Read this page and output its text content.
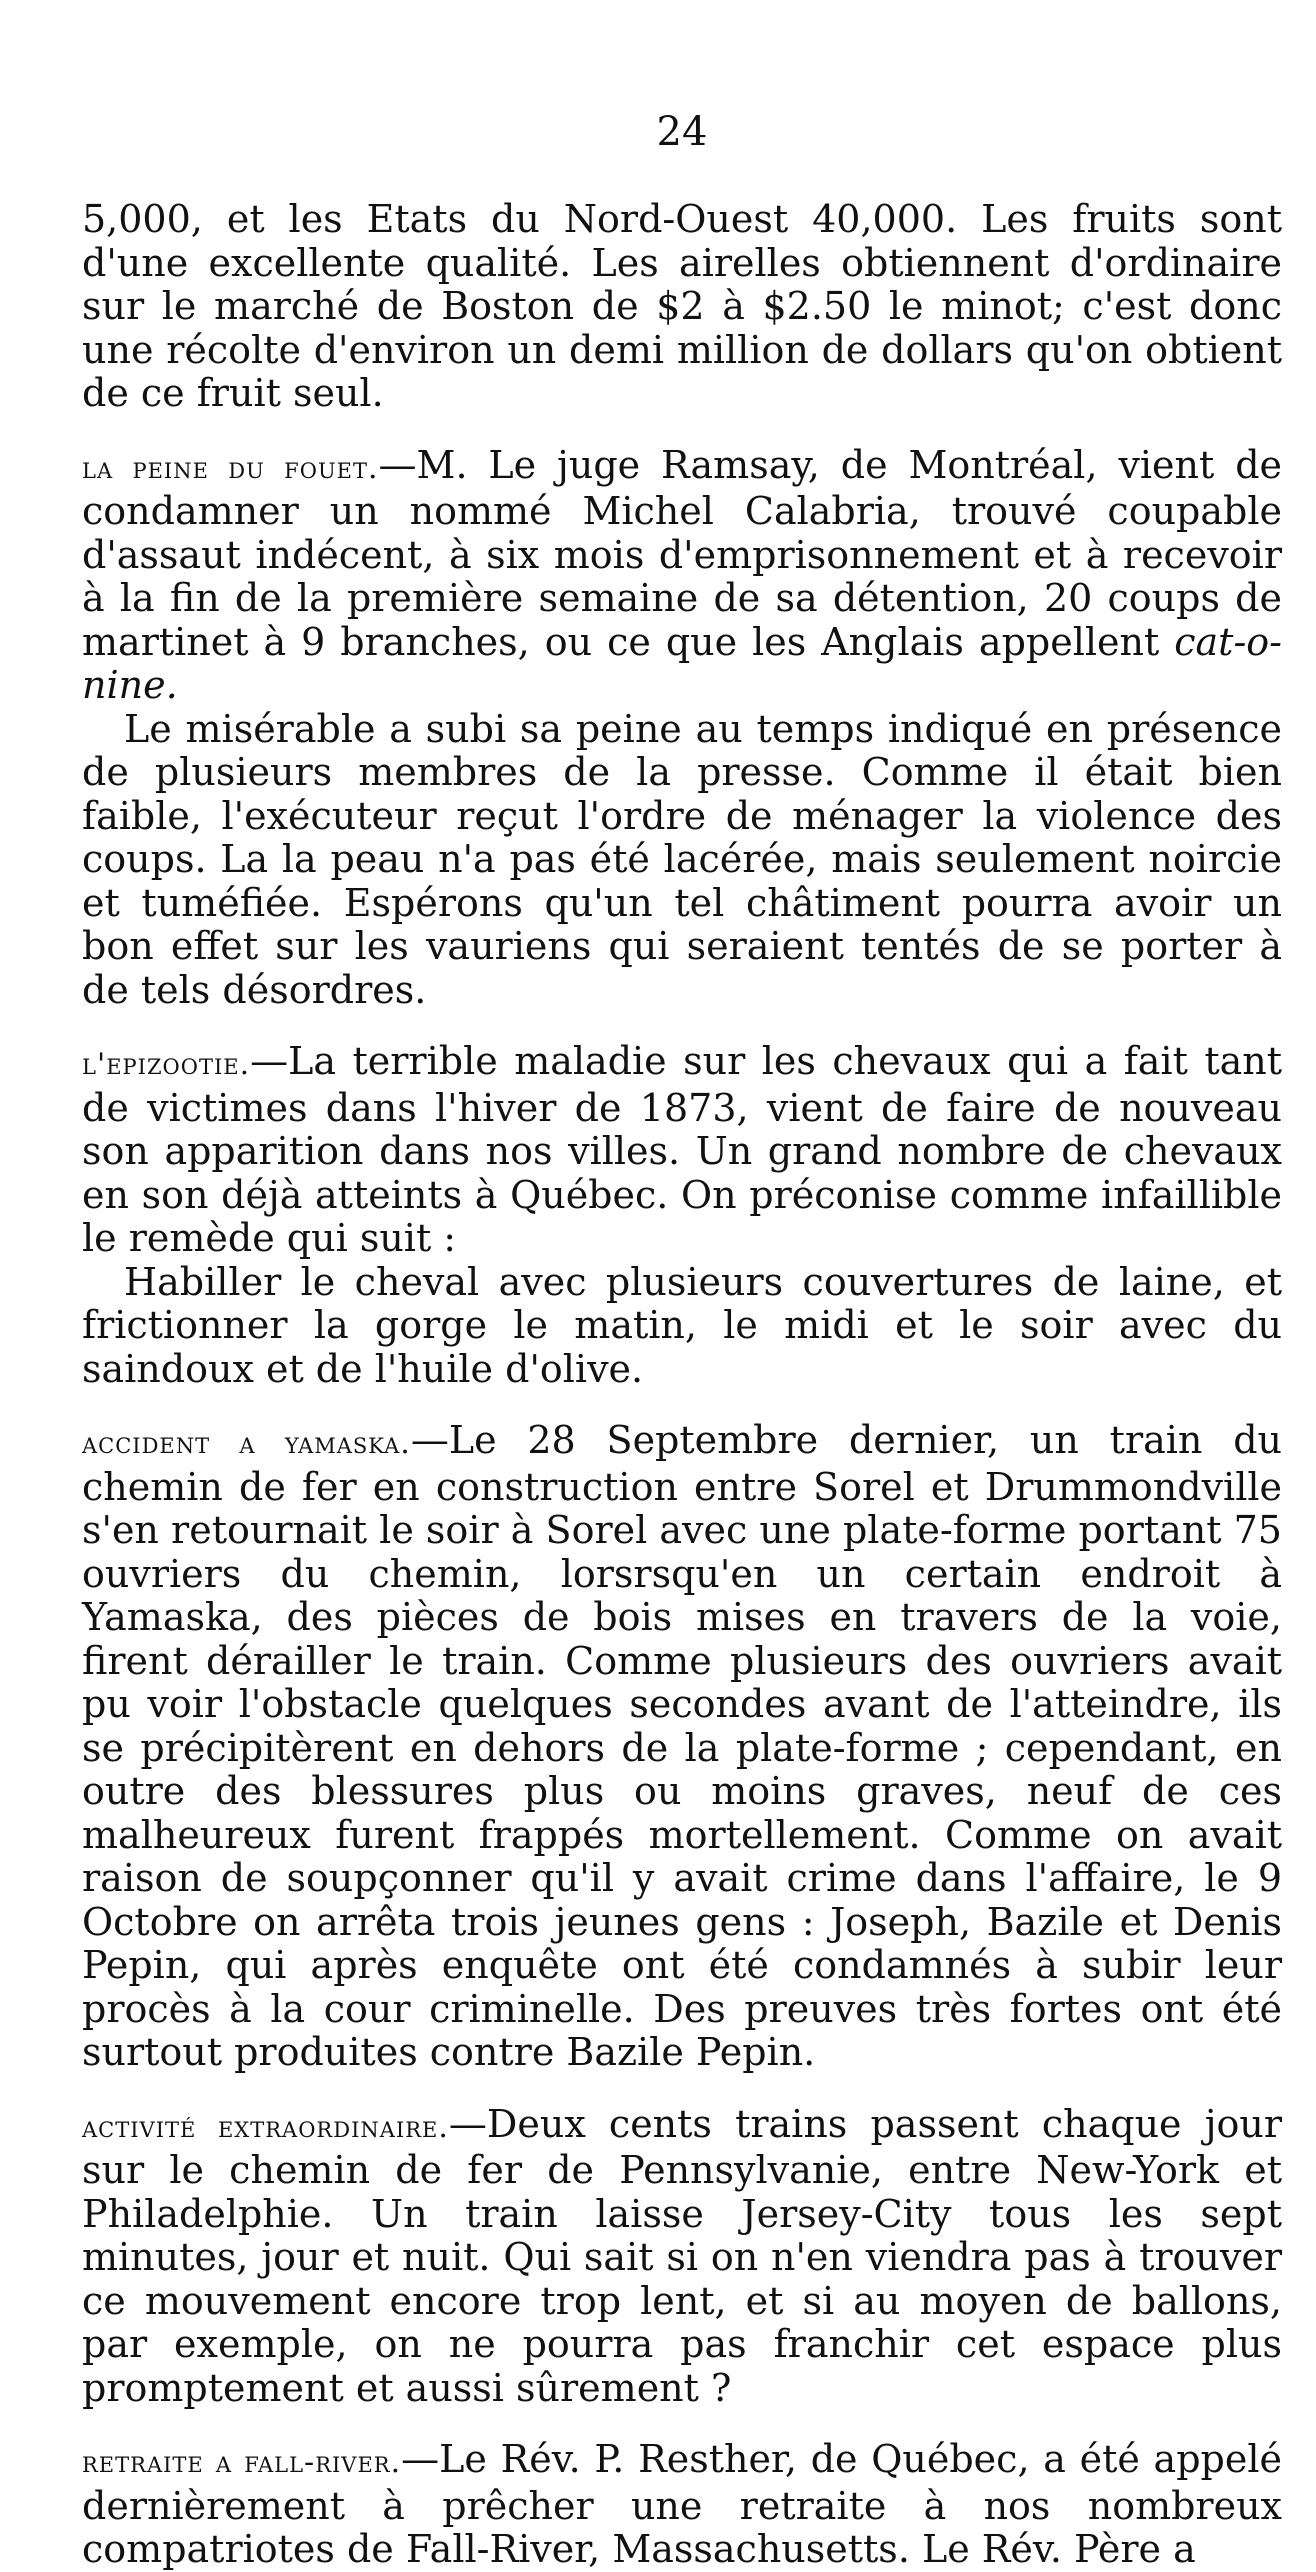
24

5,000, et les Etats du Nord-Ouest 40,000. Les fruits sont d'une excellente qualité. Les airelles obtiennent d'ordinaire sur le marché de Boston de $2 à $2.50 le minot; c'est donc une récolte d'environ un demi million de dollars qu'on obtient de ce fruit seul.

la peine du fouet.—M. Le juge Ramsay, de Montréal, vient de condamner un nommé Michel Calabria, trouvé coupable d'assaut indécent, à six mois d'emprisonnement et à recevoir à la fin de la première semaine de sa détention, 20 coups de martinet à 9 branches, ou ce que les Anglais appellent cat-o-nine.

Le misérable a subi sa peine au temps indiqué en présence de plusieurs membres de la presse. Comme il était bien faible, l'exécuteur reçut l'ordre de ménager la violence des coups. La la peau n'a pas été lacérée, mais seulement noircie et tuméfiée. Espérons qu'un tel châtiment pourra avoir un bon effet sur les vauriens qui seraient tentés de se porter à de tels désordres.

l'epizootie.—La terrible maladie sur les chevaux qui a fait tant de victimes dans l'hiver de 1873, vient de faire de nouveau son apparition dans nos villes. Un grand nombre de chevaux en son déjà atteints à Québec. On préconise comme infaillible le remède qui suit :

Habiller le cheval avec plusieurs couvertures de laine, et frictionner la gorge le matin, le midi et le soir avec du saindoux et de l'huile d'olive.

accident a yamaska.—Le 28 Septembre dernier, un train du chemin de fer en construction entre Sorel et Drummondville s'en retournait le soir à Sorel avec une plate-forme portant 75 ouvriers du chemin, lorsrsqu'en un certain endroit à Yamaska, des pièces de bois mises en travers de la voie, firent dérailler le train. Comme plusieurs des ouvriers avait pu voir l'obstacle quelques secondes avant de l'atteindre, ils se précipitèrent en dehors de la plate-forme ; cependant, en outre des blessures plus ou moins graves, neuf de ces malheureux furent frappés mortellement. Comme on avait raison de soupçonner qu'il y avait crime dans l'affaire, le 9 Octobre on arrêta trois jeunes gens : Joseph, Bazile et Denis Pepin, qui après enquête ont été condamnés à subir leur procès à la cour criminelle. Des preuves très fortes ont été surtout produites contre Bazile Pepin.

activité extraordinaire.—Deux cents trains passent chaque jour sur le chemin de fer de Pennsylvanie, entre New-York et Philadelphie. Un train laisse Jersey-City tous les sept minutes, jour et nuit. Qui sait si on n'en viendra pas à trouver ce mouvement encore trop lent, et si au moyen de ballons, par exemple, on ne pourra pas franchir cet espace plus promptement et aussi sûrement ?

retraite a fall-river.—Le Rév. P. Resther, de Québec, a été appelé dernièrement à prêcher une retraite à nos nombreux compatriotes de Fall-River, Massachusetts. Le Rév. Père a
